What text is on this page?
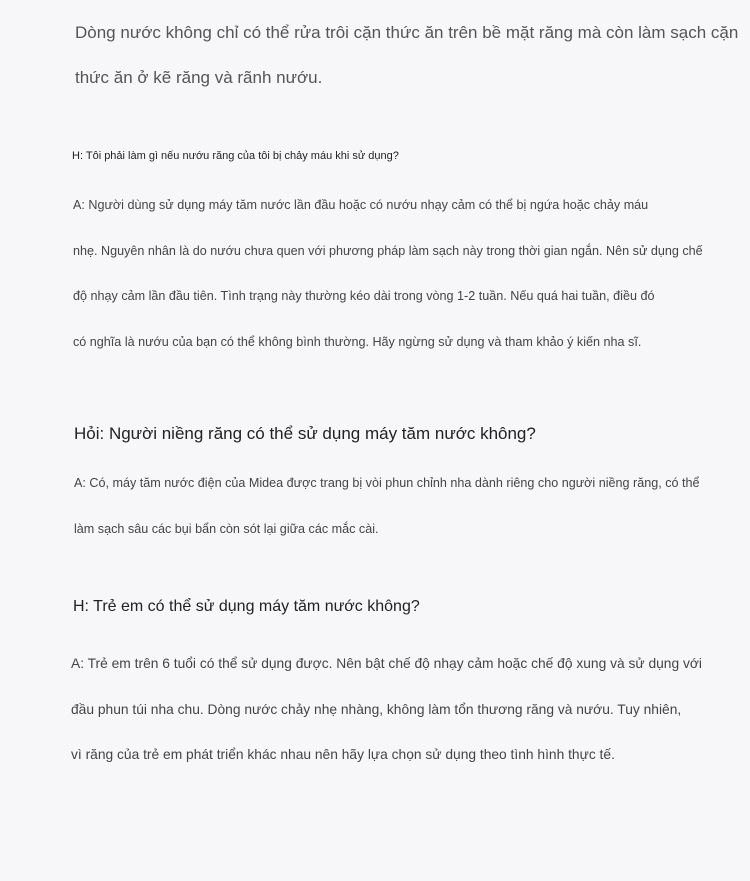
Dòng nước không chỉ có thể rửa trôi cặn thức ăn trên bề mặt răng mà còn làm sạch cặn
thức ăn ở kẽ răng và rãnh nướu.
H: Tôi phải làm gì nếu nướu răng của tôi bị chảy máu khi sử dụng?
A: Người dùng sử dụng máy tăm nước lần đầu hoặc có nướu nhạy cảm có thể bị ngứa hoặc chảy máu
nhẹ. Nguyên nhân là do nướu chưa quen với phương pháp làm sạch này trong thời gian ngắn. Nên sử dụng chế
độ nhạy cảm lần đầu tiên. Tình trạng này thường kéo dài trong vòng 1-2 tuần. Nếu quá hai tuần, điều đó
có nghĩa là nướu của bạn có thể không bình thường. Hãy ngừng sử dụng và tham khảo ý kiến nha sĩ.
Hỏi: Người niềng răng có thể sử dụng máy tăm nước không?
A: Có, máy tăm nước điện của Midea được trang bị vòi phun chỉnh nha dành riêng cho người niềng răng, có thể
làm sạch sâu các bụi bẩn còn sót lại giữa các mắc cài.
H: Trẻ em có thể sử dụng máy tăm nước không?
A: Trẻ em trên 6 tuổi có thể sử dụng được. Nên bật chế độ nhạy cảm hoặc chế độ xung và sử dụng với
đầu phun túi nha chu. Dòng nước chảy nhẹ nhàng, không làm tổn thương răng và nướu. Tuy nhiên,
vì răng của trẻ em phát triển khác nhau nên hãy lựa chọn sử dụng theo tình hình thực tế.
